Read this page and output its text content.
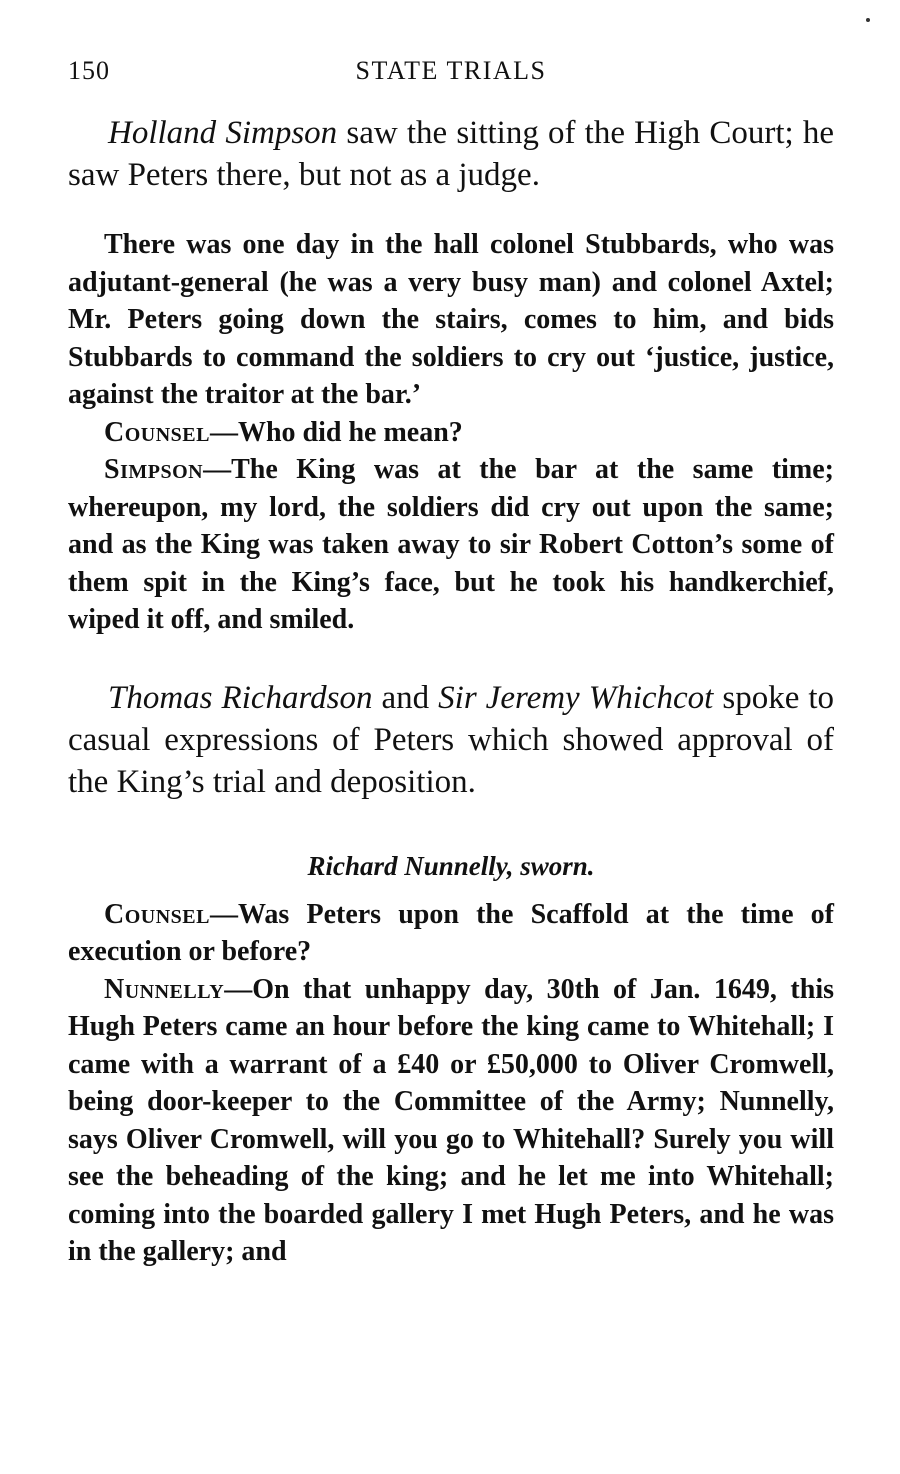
150	STATE TRIALS

Holland Simpson saw the sitting of the High Court; he saw Peters there, but not as a judge.

There was one day in the hall colonel Stubbards, who was adjutant-general (he was a very busy man) and colonel Axtel; Mr. Peters going down the stairs, comes to him, and bids Stubbards to command the soldiers to cry out ‘justice, justice, against the traitor at the bar.’

Counsel—Who did he mean?

Simpson—The King was at the bar at the same time; whereupon, my lord, the soldiers did cry out upon the same; and as the King was taken away to sir Robert Cotton’s some of them spit in the King’s face, but he took his handkerchief, wiped it off, and smiled.

Thomas Richardson and Sir Jeremy Whichcot spoke to casual expressions of Peters which showed approval of the King’s trial and deposition.

Richard Nunnelly, sworn.

Counsel—Was Peters upon the Scaffold at the time of execution or before?

Nunnelly—On that unhappy day, 30th of Jan. 1649, this Hugh Peters came an hour before the king came to Whitehall; I came with a warrant of a £40 or £50,000 to Oliver Cromwell, being door-keeper to the Committee of the Army; Nunnelly, says Oliver Cromwell, will you go to Whitehall? Surely you will see the beheading of the king; and he let me into Whitehall; coming into the boarded gallery I met Hugh Peters, and he was in the gallery; and
